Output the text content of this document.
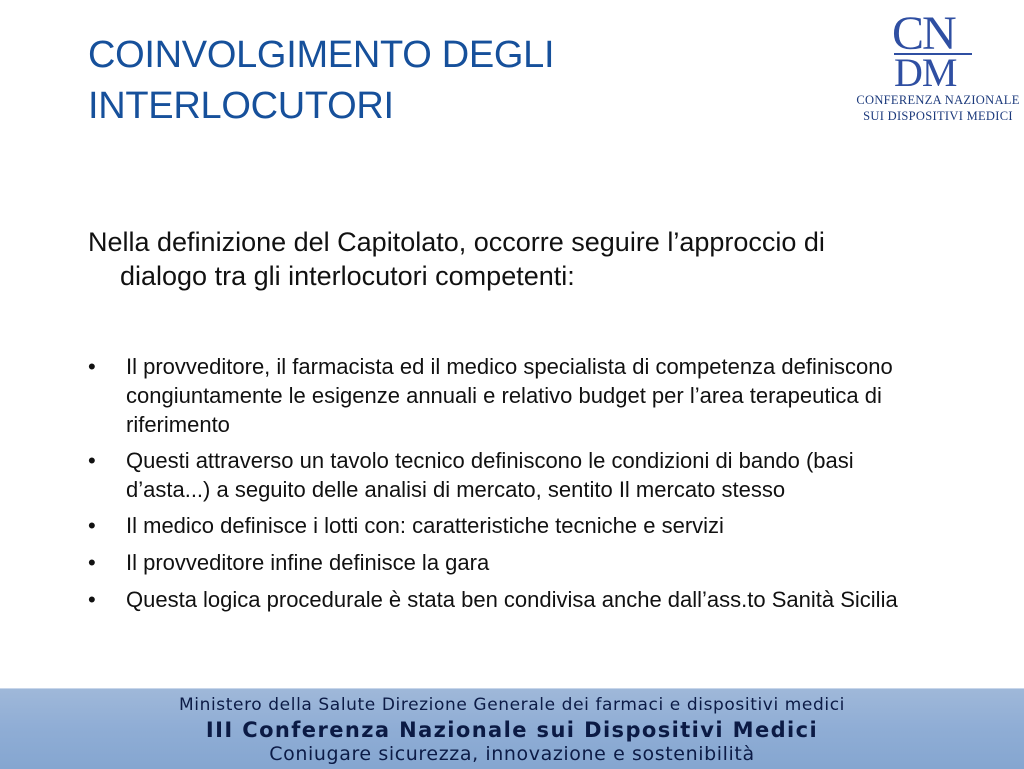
COINVOLGIMENTO DEGLI INTERLOCUTORI
CN
DM
CONFERENZA NAZIONALE
SUI DISPOSITIVI MEDICI

Nella definizione del Capitolato, occorre seguire l’approccio di dialogo tra gli interlocutori competenti:

• Il provveditore, il farmacista ed il medico specialista di competenza definiscono congiuntamente le esigenze annuali e relativo budget per l’area terapeutica di riferimento
• Questi attraverso un tavolo tecnico definiscono le condizioni di bando (basi d’asta...) a seguito delle analisi di mercato, sentito Il mercato stesso
• Il medico definisce i lotti con: caratteristiche tecniche e servizi
• Il provveditore infine definisce la gara
• Questa logica procedurale è stata ben condivisa anche dall’ass.to Sanità Sicilia
Ministero della Salute Direzione Generale dei farmaci e dispositivi medici
III Conferenza Nazionale sui Dispositivi Medici
Coniugare sicurezza, innovazione e sostenibilità
